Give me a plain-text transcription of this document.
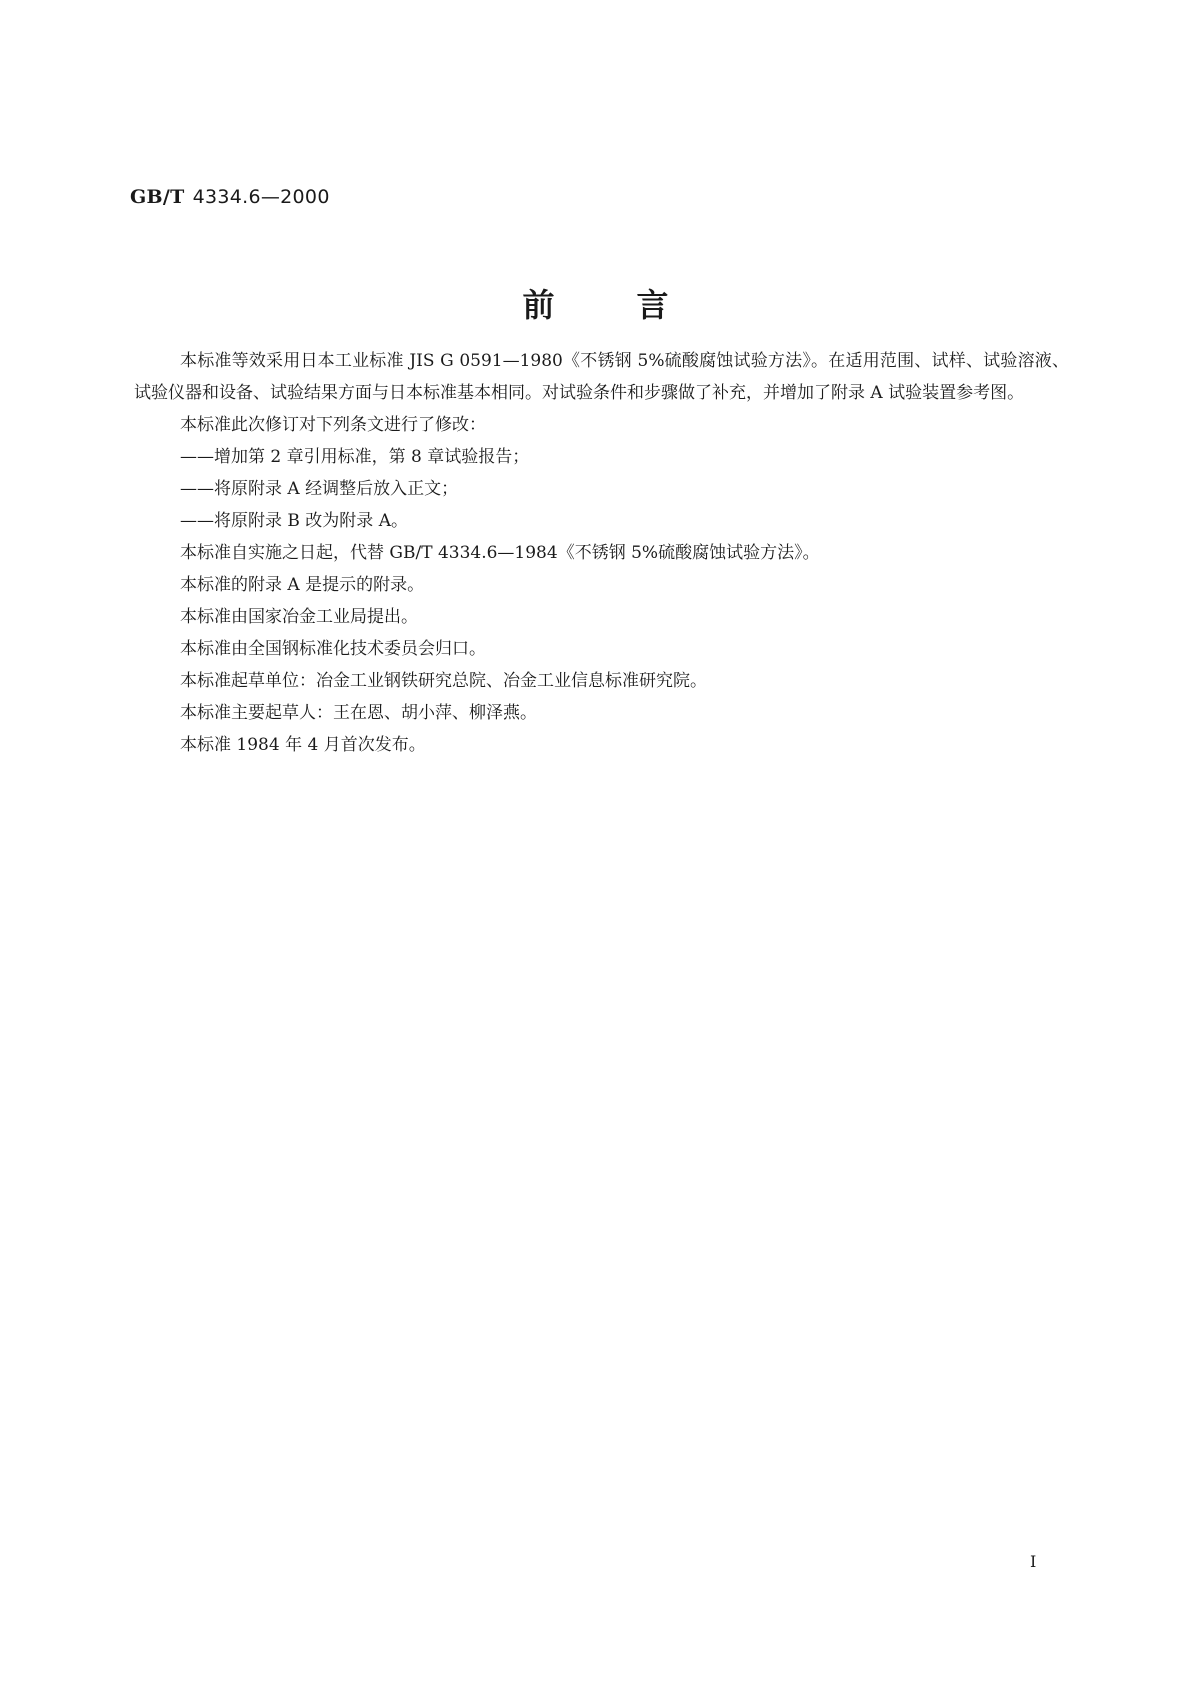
GB/T 4334.6—2000
前言

本标准等效采用日本工业标准 JIS G 0591—1980《不锈钢 5%硫酸腐蚀试验方法》。在适用范围、试样、试验溶液、试验仪器和设备、试验结果方面与日本标准基本相同。对试验条件和步骤做了补充，并增加了附录 A 试验装置参考图。

本标准此次修订对下列条文进行了修改：

——增加第 2 章引用标准，第 8 章试验报告；

——将原附录 A 经调整后放入正文；

——将原附录 B 改为附录 A。

本标准自实施之日起，代替 GB/T 4334.6—1984《不锈钢 5%硫酸腐蚀试验方法》。

本标准的附录 A 是提示的附录。

本标准由国家冶金工业局提出。

本标准由全国钢标准化技术委员会归口。

本标准起草单位：冶金工业钢铁研究总院、冶金工业信息标准研究院。

本标准主要起草人：王在恩、胡小萍、柳泽燕。

本标准 1984 年 4 月首次发布。

I
